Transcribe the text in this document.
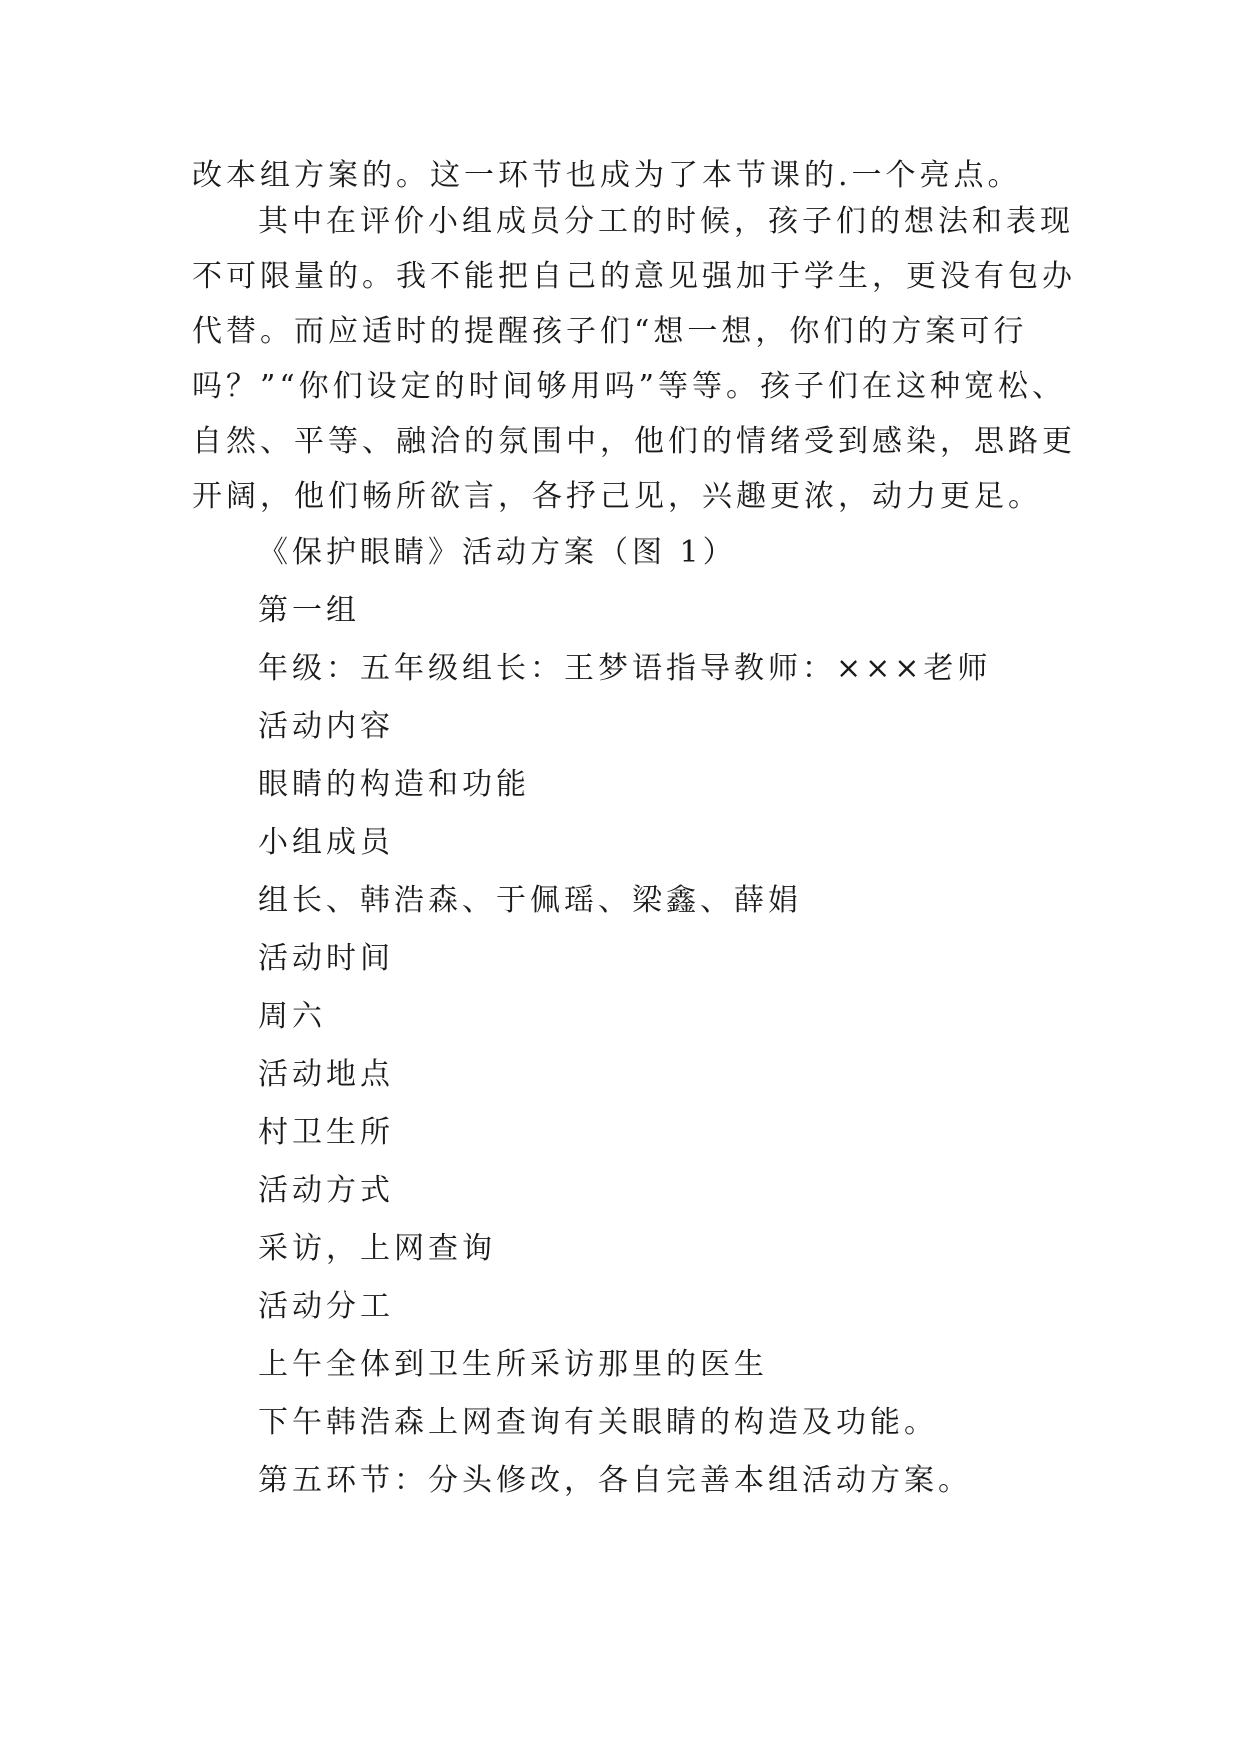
改本组方案的。这一环节也成为了本节课的.一个亮点。
其中在评价小组成员分工的时候，孩子们的想法和表现
不可限量的。我不能把自己的意见强加于学生，更没有包办
代替。而应适时的提醒孩子们“想一想，你们的方案可行
吗？”“你们设定的时间够用吗”等等。孩子们在这种宽松、
自然、平等、融洽的氛围中，他们的情绪受到感染，思路更
开阔，他们畅所欲言，各抒己见，兴趣更浓，动力更足。
《保护眼睛》活动方案（图 1）
第一组
年级：五年级组长：王梦语指导教师：×××老师
活动内容
眼睛的构造和功能
小组成员
组长、韩浩森、于佩瑶、梁鑫、薛娟
活动时间
周六
活动地点
村卫生所
活动方式
采访，上网查询
活动分工
上午全体到卫生所采访那里的医生
下午韩浩森上网查询有关眼睛的构造及功能。
第五环节：分头修改，各自完善本组活动方案。
